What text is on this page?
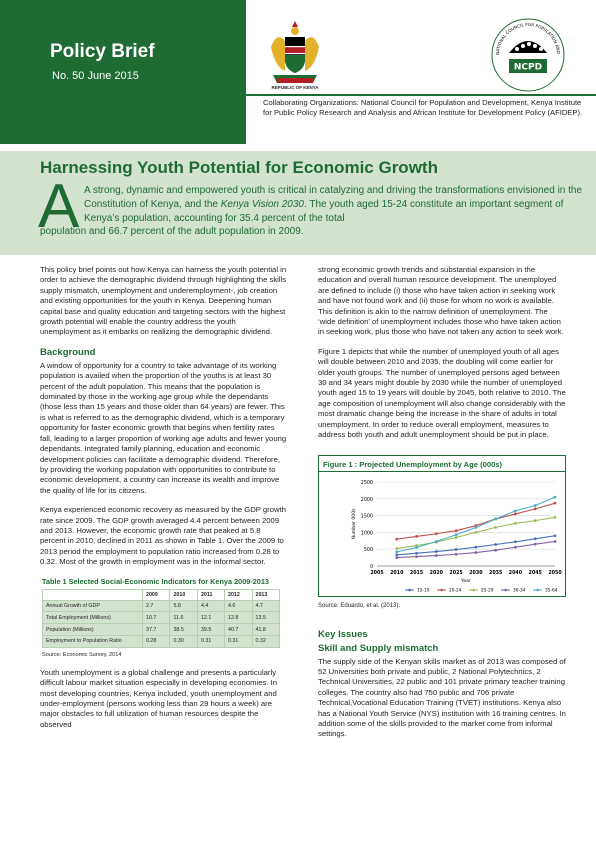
Policy Brief
No. 50 June 2015
REPUBLIC OF KENYA
NATIONAL COUNCIL FOR POPULATION AND
NCPD
Collaborating Organizations: National Council for Population and Development, Kenya Institute for Public Policy Research and Analysis and African Institute for Development Policy (AFIDEP).
Harnessing Youth Potential for Economic Growth
A A strong, dynamic and empowered youth is critical in catalyzing and driving the transformations envisioned in the Constitution of Kenya, and the Kenya Vision 2030. The youth aged 15-24 constitute an important segment of Kenya’s population, accounting for 35.4 percent of the total
population and 66.7 percent of the adult population in 2009.

This policy brief points out how Kenya can harness the youth potential in order to achieve the demographic dividend through highlighting the skills supply mismatch, unemployment and underemployment-, job creation and existing opportunities for the youth in Kenya. Deepening human capital base and quality education and targeting sectors with the highest growth potential will enable the country address the youth unemployment as it embarks on realizing the demographic dividend.

Background

A window of opportunity for a country to take advantage of its working population is availed when the proportion of the youths is at least 30 percent of the adult population. This means that the population is dominated by those in the working age group while the dependants (those less than 15 years and those older than 64 years) are fewer. This is what is referred to as the demographic dividend, which is a temporary opportunity for faster economic growth that begins when fertility rates fall, leading to a larger proportion of working age adults and fewer young dependants. Integrated family planning, education and economic development policies can facilitate a demographic dividend. Therefore, by providing the working population with opportunities to contribute to economic development, a country can increase its wealth and improve the quality of life for its citizens.

Kenya experienced economic recovery as measured by the GDP growth rate since 2009. The GDP growth averaged 4.4 percent between 2009 and 2013. However, the economic growth rate that peaked at 5.8 percent in 2010, declined in 2011 as shown in Table 1. Over the 2009 to 2013 period the employment to population ratio increased from 0.28 to 0.32. Most of the growth in employment was in the informal sector.

Table 1 Selected Social-Economic Indicators for Kenya 2009-2013
	2009	2010	2011	2012	2013
Annual Growth of GDP	2.7	5.8	4.4	4.6	4.7
Total Employment (Millions)	10.7	11.6	12.1	12.8	13.5
Population (Millions)	37.7	38.5	39.5	40.7	41.8
Employment to Population Ratio	0.28	0.30	0.31	0.31	0.32
Source: Economic Survey, 2014

Youth unemployment is a global challenge and presents a particularly difficult labour market situation especially in developing economies. In most developing countries, Kenya included, youth unemployment and under-employment (persons working less than 29 hours a week) are major obstacles to full utilization of human resources despite the observed

strong economic growth trends and substantial expansion in the education and overall human resource development. The unemployed are defined to include (i) those who have taken action in seeking work and have not found work and (ii) those for whom no work is available. This definition is akin to the narrow definition of unemployment. The ‘wide definition’ of unemployment includes those who have taken action in seeking work, plus those who have not taken any action to seek work.

Figure 1 depicts that while the number of unemployed youth of all ages will double between 2010 and 2035, the doubling will come earlier for older youth groups. The number of unemployed persons aged between 30 and 34 years might double by 2030 while the number of unemployed youth aged 15 to 19 years will double by 2045, both relative to 2010. The age composition of unemployment will also change considerably with the most dramatic change being the increase in the share of adults in total unemployment. In order to reduce overall employment, measures to address both youth and adult unemployment should be put in place.

Figure 1 : Projected Unemployment by Age (000s)
0
500
1000
1500
2000
2500
2005 2010 2015 2020 2025 2030 2035 2040 2045 2050
Year
Number 000s
15-19	20-24	25-29	30-34	35-64
Source: Eduardo, et al. (2013).
Key Issues
Skill and Supply mismatch

The supply side of the Kenyan skills market as of 2013 was composed of 52 Universities both private and public, 2 National Polytechnics, 2 Technical Universities, 22 public and 101 private primary teacher training colleges. The country also had 750 public and 706 private Technical,Vocational Education Training (TVET) institutions. Kenya also has a National Youth Service (NYS) institution with 16 training centres. In addition some of the skills provided to the market come from informal settings.
